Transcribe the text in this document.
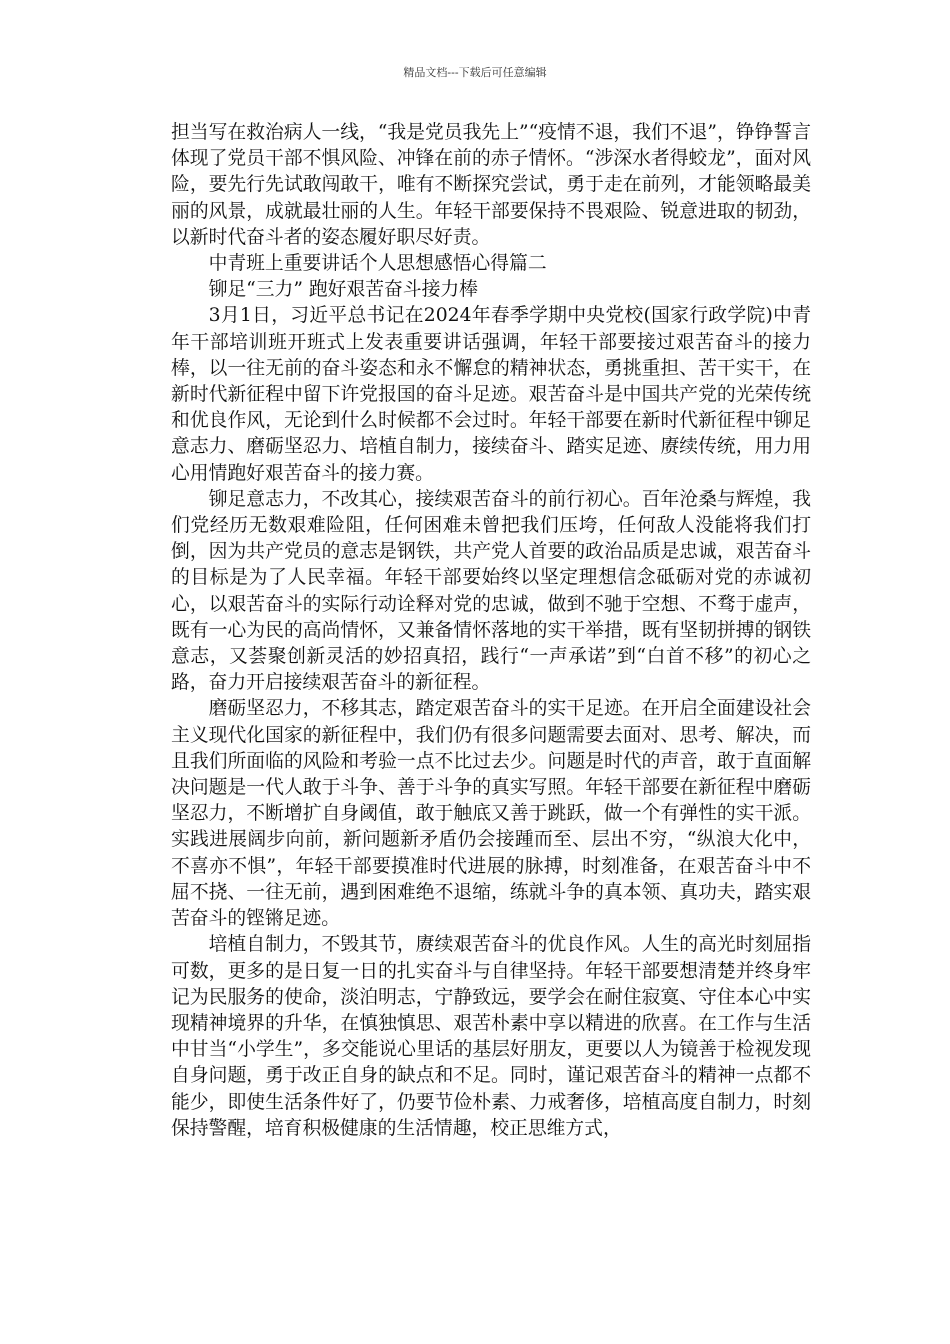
精品文档---下载后可任意编辑

担当写在救治病人一线，“我是党员我先上”“疫情不退，我们不退”，铮铮誓言体现了党员干部不惧风险、冲锋在前的赤子情怀。“涉深水者得蛟龙”，面对风险，要先行先试敢闯敢干，唯有不断探究尝试，勇于走在前列，才能领略最美丽的风景，成就最壮丽的人生。年轻干部要保持不畏艰险、锐意进取的韧劲，以新时代奋斗者的姿态履好职尽好责。

中青班上重要讲话个人思想感悟心得篇二

铆足“三力” 跑好艰苦奋斗接力棒

3月1日，习近平总书记在2024年春季学期中央党校(国家行政学院)中青年干部培训班开班式上发表重要讲话强调，年轻干部要接过艰苦奋斗的接力棒，以一往无前的奋斗姿态和永不懈怠的精神状态，勇挑重担、苦干实干，在新时代新征程中留下许党报国的奋斗足迹。艰苦奋斗是中国共产党的光荣传统和优良作风，无论到什么时候都不会过时。年轻干部要在新时代新征程中铆足意志力、磨砺坚忍力、培植自制力，接续奋斗、踏实足迹、赓续传统，用力用心用情跑好艰苦奋斗的接力赛。

铆足意志力，不改其心，接续艰苦奋斗的前行初心。百年沧桑与辉煌，我们党经历无数艰难险阻，任何困难未曾把我们压垮，任何敌人没能将我们打倒，因为共产党员的意志是钢铁，共产党人首要的政治品质是忠诚，艰苦奋斗的目标是为了人民幸福。年轻干部要始终以坚定理想信念砥砺对党的赤诚初心，以艰苦奋斗的实际行动诠释对党的忠诚，做到不驰于空想、不骛于虚声，既有一心为民的高尚情怀，又兼备情怀落地的实干举措，既有坚韧拼搏的钢铁意志，又荟聚创新灵活的妙招真招，践行“一声承诺”到“白首不移”的初心之路，奋力开启接续艰苦奋斗的新征程。

磨砺坚忍力，不移其志，踏定艰苦奋斗的实干足迹。在开启全面建设社会主义现代化国家的新征程中，我们仍有很多问题需要去面对、思考、解决，而且我们所面临的风险和考验一点不比过去少。问题是时代的声音，敢于直面解决问题是一代人敢于斗争、善于斗争的真实写照。年轻干部要在新征程中磨砺坚忍力，不断增扩自身阈值，敢于触底又善于跳跃，做一个有弹性的实干派。实践进展阔步向前，新问题新矛盾仍会接踵而至、层出不穷，“纵浪大化中，不喜亦不惧”，年轻干部要摸准时代进展的脉搏，时刻准备，在艰苦奋斗中不屈不挠、一往无前，遇到困难绝不退缩，练就斗争的真本领、真功夫，踏实艰苦奋斗的铿锵足迹。

培植自制力，不毁其节，赓续艰苦奋斗的优良作风。人生的高光时刻屈指可数，更多的是日复一日的扎实奋斗与自律坚持。年轻干部要想清楚并终身牢记为民服务的使命，淡泊明志，宁静致远，要学会在耐住寂寞、守住本心中实现精神境界的升华，在慎独慎思、艰苦朴素中享以精进的欣喜。在工作与生活中甘当“小学生”，多交能说心里话的基层好朋友，更要以人为镜善于检视发现自身问题，勇于改正自身的缺点和不足。同时，谨记艰苦奋斗的精神一点都不能少，即使生活条件好了，仍要节俭朴素、力戒奢侈，培植高度自制力，时刻保持警醒，培育积极健康的生活情趣，校正思维方式，
